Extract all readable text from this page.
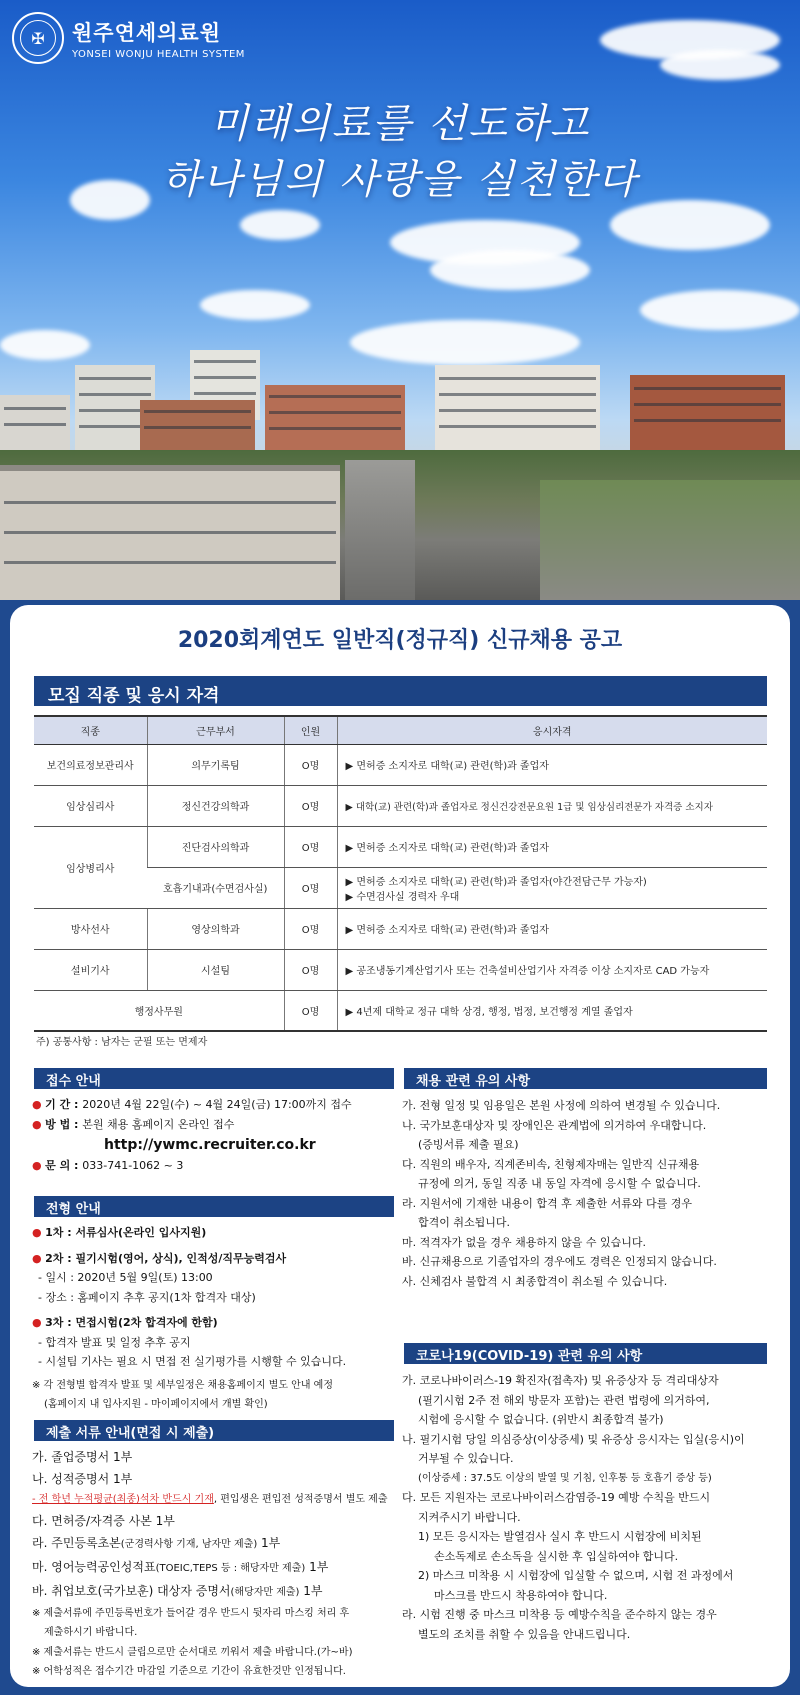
✠	원주연세의료원
YONSEI WONJU HEALTH SYSTEM
미래의료를 선도하고
하나님의 사랑을 실천한다
2020회계연도 일반직(정규직) 신규채용 공고
모집 직종 및 응시 자격
직종	근무부서	인원	응시자격
보건의료정보관리사	의무기록팀	O명	▶ 면허증 소지자로 대학(교) 관련(학)과 졸업자
임상심리사	정신건강의학과	O명	▶ 대학(교) 관련(학)과 졸업자로 정신건강전문요원 1급 및 임상심리전문가 자격증 소지자
임상병리사	진단검사의학과	O명	▶ 면허증 소지자로 대학(교) 관련(학)과 졸업자
	호흡기내과(수면검사실)	O명	▶ 면허증 소지자로 대학(교) 관련(학)과 졸업자(야간전담근무 가능자)
▶ 수면검사실 경력자 우대

방사선사	영상의학과	O명	▶ 면허증 소지자로 대학(교) 관련(학)과 졸업자
설비기사	시설팀	O명	▶ 공조냉동기계산업기사 또는 건축설비산업기사 자격증 이상 소지자로 CAD 가능자
행정사무원		O명	▶ 4년제 대학교 정규 대학 상경, 행정, 법정, 보건행정 계열 졸업자
주) 공통사항 : 남자는 군필 또는 면제자
접수 안내
● 기 간 : 2020년 4월 22일(수) ~ 4월 24일(금) 17:00까지 접수
● 방 법 : 본원 채용 홈페이지 온라인 접수
http://ywmc.recruiter.co.kr
● 문 의 : 033-741-1062 ~ 3
전형 안내
● 1차 : 서류심사(온라인 입사지원)
● 2차 : 필기시험(영어, 상식), 인적성/직무능력검사
- 일시 : 2020년 5월 9일(토) 13:00
- 장소 : 홈페이지 추후 공지(1차 합격자 대상)
● 3차 : 면접시험(2차 합격자에 한함)
- 합격자 발표 및 일정 추후 공지
- 시설팀 기사는 필요 시 면접 전 실기평가를 시행할 수 있습니다.
※ 각 전형별 합격자 발표 및 세부일정은 채용홈페이지 별도 안내 예정
(홈페이지 내 입사지원 - 마이페이지에서 개별 확인)
제출 서류 안내(면접 시 제출)
가. 졸업증명서 1부
나. 성적증명서 1부
- 전 학년 누적평균(최종)석차 반드시 기재, 편입생은 편입전 성적증명서 별도 제출
다. 면허증/자격증 사본 1부
라. 주민등록초본(군경력사항 기재, 남자만 제출) 1부
마. 영어능력공인성적표(TOEIC,TEPS 등 : 해당자만 제출) 1부
바. 취업보호(국가보훈) 대상자 증명서(해당자만 제출) 1부
※ 제출서류에 주민등록번호가 들어갈 경우 반드시 뒷자리 마스킹 처리 후
제출하시기 바랍니다.
※ 제출서류는 반드시 클립으로만 순서대로 끼워서 제출 바랍니다.(가~바)
※ 어학성적은 접수기간 마감일 기준으로 기간이 유효한것만 인정됩니다.
채용 관련 유의 사항
가. 전형 일정 및 임용일은 본원 사정에 의하여 변경될 수 있습니다.
나. 국가보훈대상자 및 장애인은 관계법에 의거하여 우대합니다.
(증빙서류 제출 필요)
다. 직원의 배우자, 직계존비속, 친형제자매는 일반직 신규채용
규정에 의거, 동일 직종 내 동일 자격에 응시할 수 없습니다.
라. 지원서에 기재한 내용이 합격 후 제출한 서류와 다를 경우
합격이 취소됩니다.
마. 적격자가 없을 경우 채용하지 않을 수 있습니다.
바. 신규채용으로 기졸업자의 경우에도 경력은 인정되지 않습니다.
사. 신체검사 불합격 시 최종합격이 취소될 수 있습니다.
코로나19(COVID-19) 관련 유의 사항
가. 코로나바이러스-19 확진자(접촉자) 및 유증상자 등 격리대상자
(필기시험 2주 전 해외 방문자 포함)는 관련 법령에 의거하여,
시험에 응시할 수 없습니다. (위반시 최종합격 불가)
나. 필기시험 당일 의심증상(이상증세) 및 유증상 응시자는 입실(응시)이
거부될 수 있습니다.
(이상증세 : 37.5도 이상의 발열 및 기침, 인후통 등 호흡기 증상 등)
다. 모든 지원자는 코로나바이러스감염증-19 예방 수칙을 반드시
지켜주시기 바랍니다.
1) 모든 응시자는 발열검사 실시 후 반드시 시험장에 비치된
손소독제로 손소독을 실시한 후 입실하여야 합니다.
2) 마스크 미착용 시 시험장에 입실할 수 없으며, 시험 전 과정에서
마스크를 반드시 착용하여야 합니다.
라. 시험 진행 중 마스크 미착용 등 예방수칙을 준수하지 않는 경우
별도의 조치를 취할 수 있음을 안내드립니다.
